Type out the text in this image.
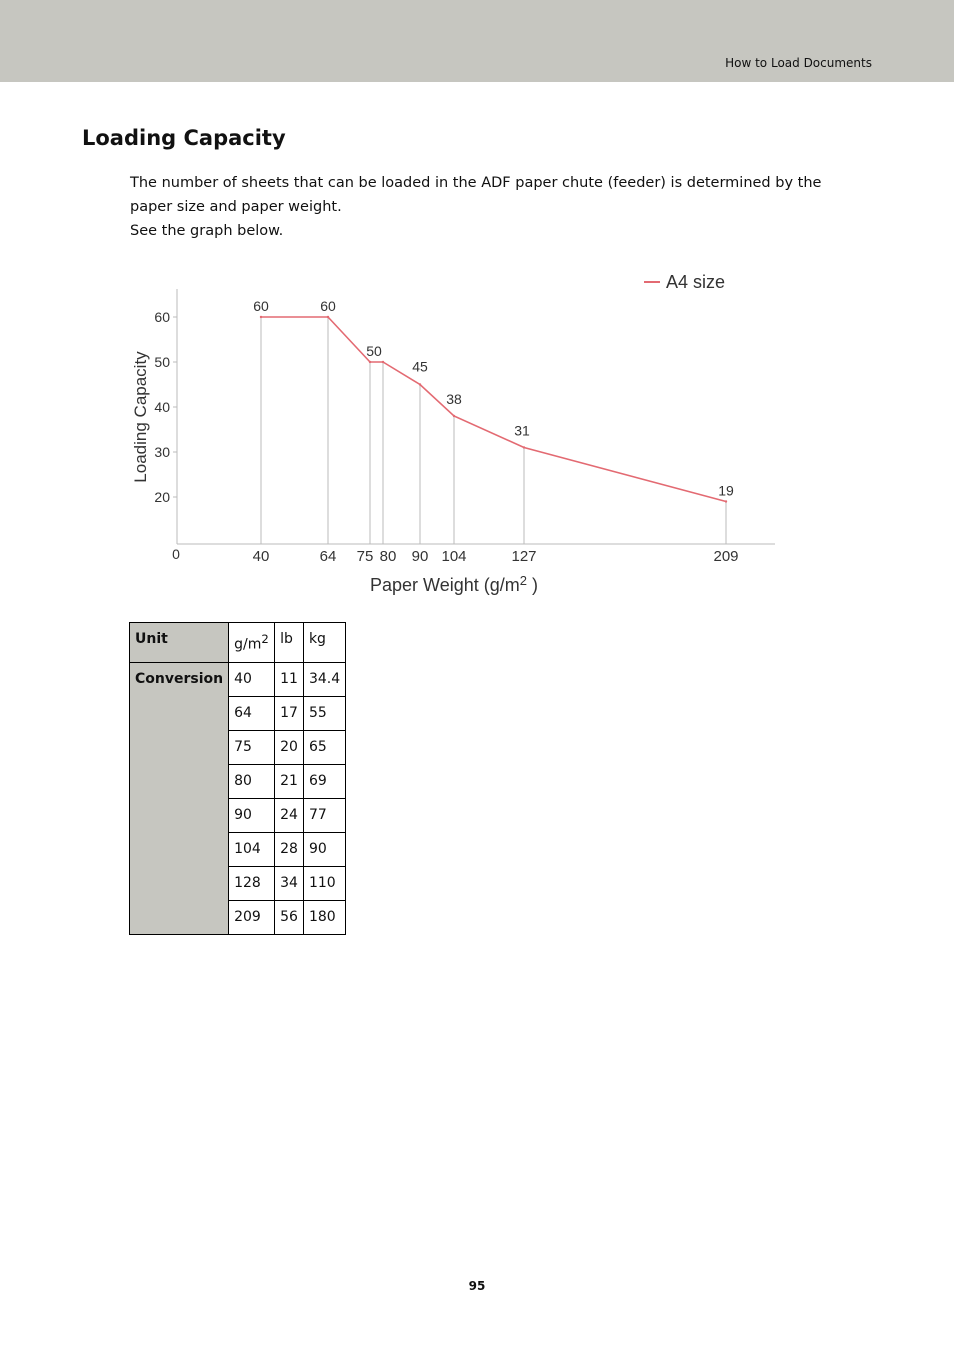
How to Load Documents
Loading Capacity

The number of sheets that can be loaded in the ADF paper chute (feeder) is determined by the paper size and paper weight.

See the graph below.

20
30
40
50
60
0	40	64 75 80 90 104	127	209
60	60
50
45
38
31
19
Loading Capacity
Paper Weight ($g/m^2$ )
A4 size
Unit	$g/m^2$	lb	kg
Conversion	40	11	34.4
	64	17	55
	75	20	65
	80	21	69
	90	24	77
	104	28	90
	128	34	110
	209	56	180
95
